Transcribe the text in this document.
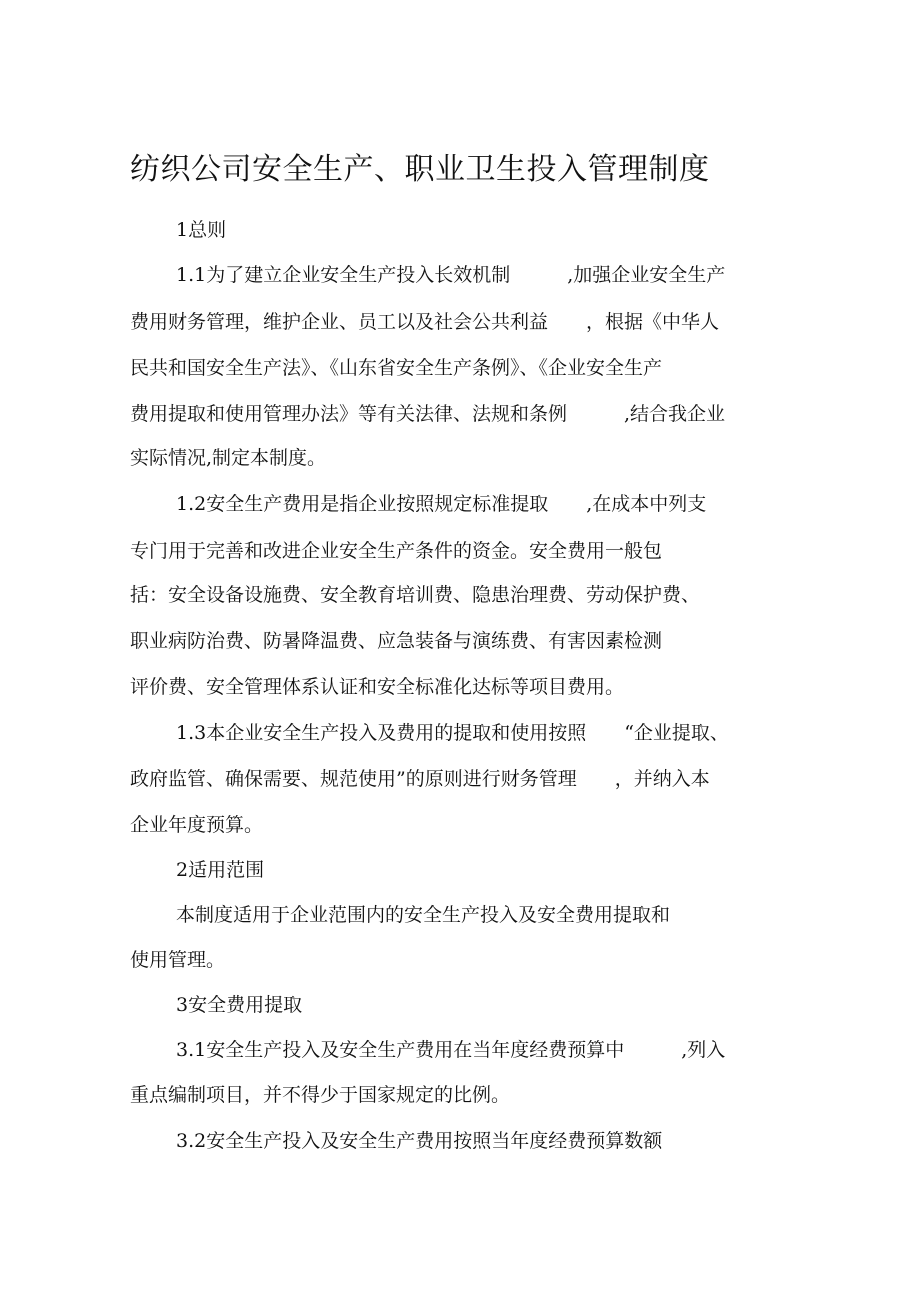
纺织公司安全生产、职业卫生投入管理制度
1总则
1.1为了建立企业安全生产投入长效机制　　　,加强企业安全生产
费用财务管理，维护企业、员工以及社会公共利益　　，根据《中华人
民共和国安全生产法》、《山东省安全生产条例》、《企业安全生产
费用提取和使用管理办法》等有关法律、法规和条例　　　,结合我企业
实际情况,制定本制度。
1.2安全生产费用是指企业按照规定标准提取　　,在成本中列支
专门用于完善和改进企业安全生产条件的资金。安全费用一般包
括：安全设备设施费、安全教育培训费、隐患治理费、劳动保护费、
职业病防治费、防暑降温费、应急装备与演练费、有害因素检测
评价费、安全管理体系认证和安全标准化达标等项目费用。
1.3本企业安全生产投入及费用的提取和使用按照　　“企业提取、
政府监管、确保需要、规范使用”的原则进行财务管理　　，并纳入本
企业年度预算。
2适用范围
本制度适用于企业范围内的安全生产投入及安全费用提取和
使用管理。
3安全费用提取
3.1安全生产投入及安全生产费用在当年度经费预算中　　　,列入
重点编制项目，并不得少于国家规定的比例。
3.2安全生产投入及安全生产费用按照当年度经费预算数额
